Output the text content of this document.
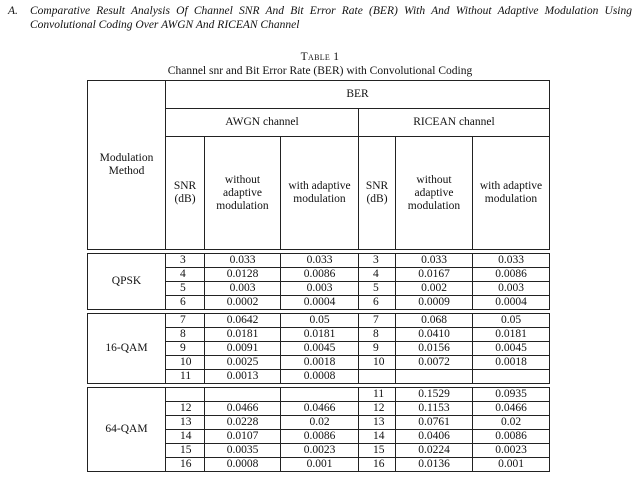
A.	Comparative Result Analysis Of Channel SNR And Bit Error Rate (BER) With And Without Adaptive Modulation Using
Convolutional Coding Over AWGN And RICEAN Channel
Table 1
Channel snr and Bit Error Rate (BER) with Convolutional Coding
Modulation Method	BER					
	AWGN channel			RICEAN channel		
	SNR (dB)	without adaptive modulation	with adaptive modulation	SNR (dB)	without adaptive modulation	with adaptive modulation

QPSK	3	0.033	0.033	3	0.033	0.033
	4	0.0128	0.0086	4	0.0167	0.0086
	5	0.003	0.003	5	0.002	0.003
	6	0.0002	0.0004	6	0.0009	0.0004

16-QAM	7	0.0642	0.05	7	0.068	0.05
	8	0.0181	0.0181	8	0.0410	0.0181
	9	0.0091	0.0045	9	0.0156	0.0045
	10	0.0025	0.0018	10	0.0072	0.0018
	11	0.0013	0.0008			

64-QAM				11	0.1529	0.0935
	12	0.0466	0.0466	12	0.1153	0.0466
	13	0.0228	0.02	13	0.0761	0.02
	14	0.0107	0.0086	14	0.0406	0.0086
	15	0.0035	0.0023	15	0.0224	0.0023
	16	0.0008	0.001	16	0.0136	0.001
